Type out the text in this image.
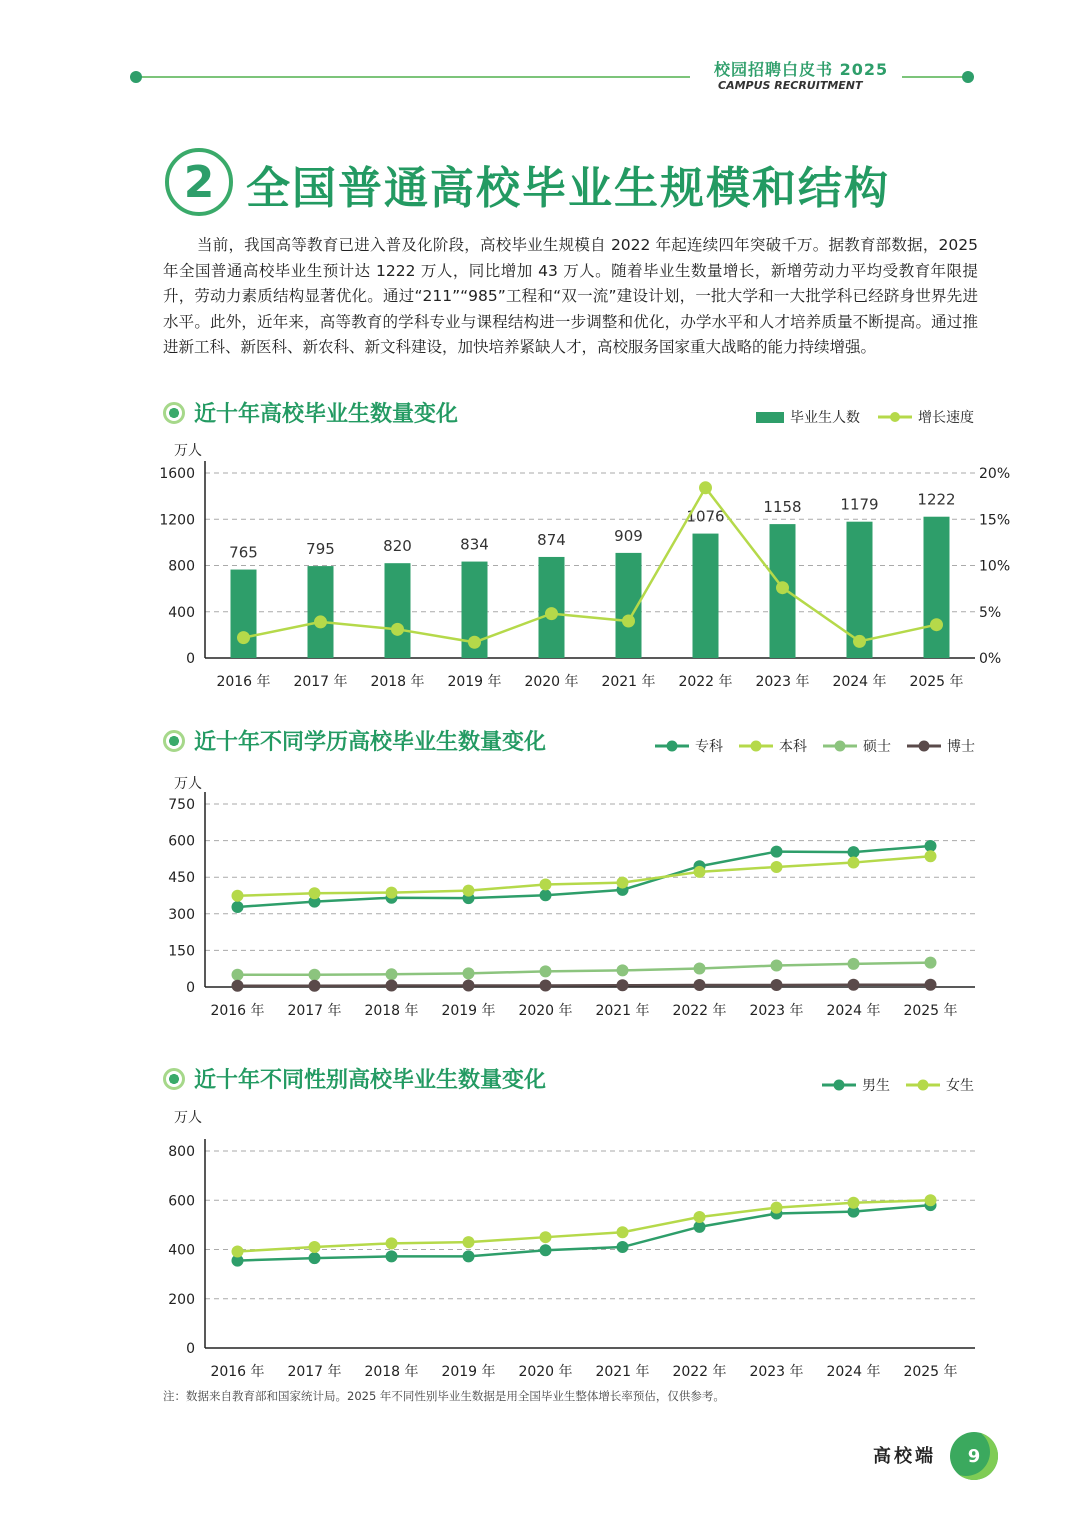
校园招聘白皮书 2025
CAMPUS RECRUITMENT
2 全国普通高校毕业生规模和结构
当前，我国高等教育已进入普及化阶段，高校毕业生规模自 2022 年起连续四年突破千万。据教育部数据，2025 年全国普通高校毕业生预计达 1222 万人，同比增加 43 万人。随着毕业生数量增长，新增劳动力平均受教育年限提升，劳动力素质结构显著优化。通过“211”“985”工程和“双一流”建设计划，一批大学和一大批学科已经跻身世界先进水平。此外，近年来，高等教育的学科专业与课程结构进一步调整和优化，办学水平和人才培养质量不断提高。通过推进新工科、新医科、新农科、新文科建设，加快培养紧缺人才，高校服务国家重大战略的能力持续增强。
近十年高校毕业生数量变化	毕业生人数	增长速度
万人
0
400
800
1200
1600
2016 年 2017 年 2018 年 2019 年 2020 年 2021 年 2022 年 2023 年 2024 年 2025 年
765	795	820	834	874	909
1076
1158	1179	1222
0%
5%
10%
15%
20%
近十年不同学历高校毕业生数量变化	专科	本科	硕士	博士
万人
0
150
300
450
600
750
2016 年 2017 年 2018 年 2019 年 2020 年 2021 年 2022 年 2023 年 2024 年 2025 年
近十年不同性别高校毕业生数量变化	男生	女生
万人
0
200
400
600
800
2016 年 2017 年 2018 年 2019 年 2020 年 2021 年 2022 年 2023 年 2024 年 2025 年
注：数据来自教育部和国家统计局。2025 年不同性别毕业生数据是用全国毕业生整体增长率预估，仅供参考。
高校端 9
